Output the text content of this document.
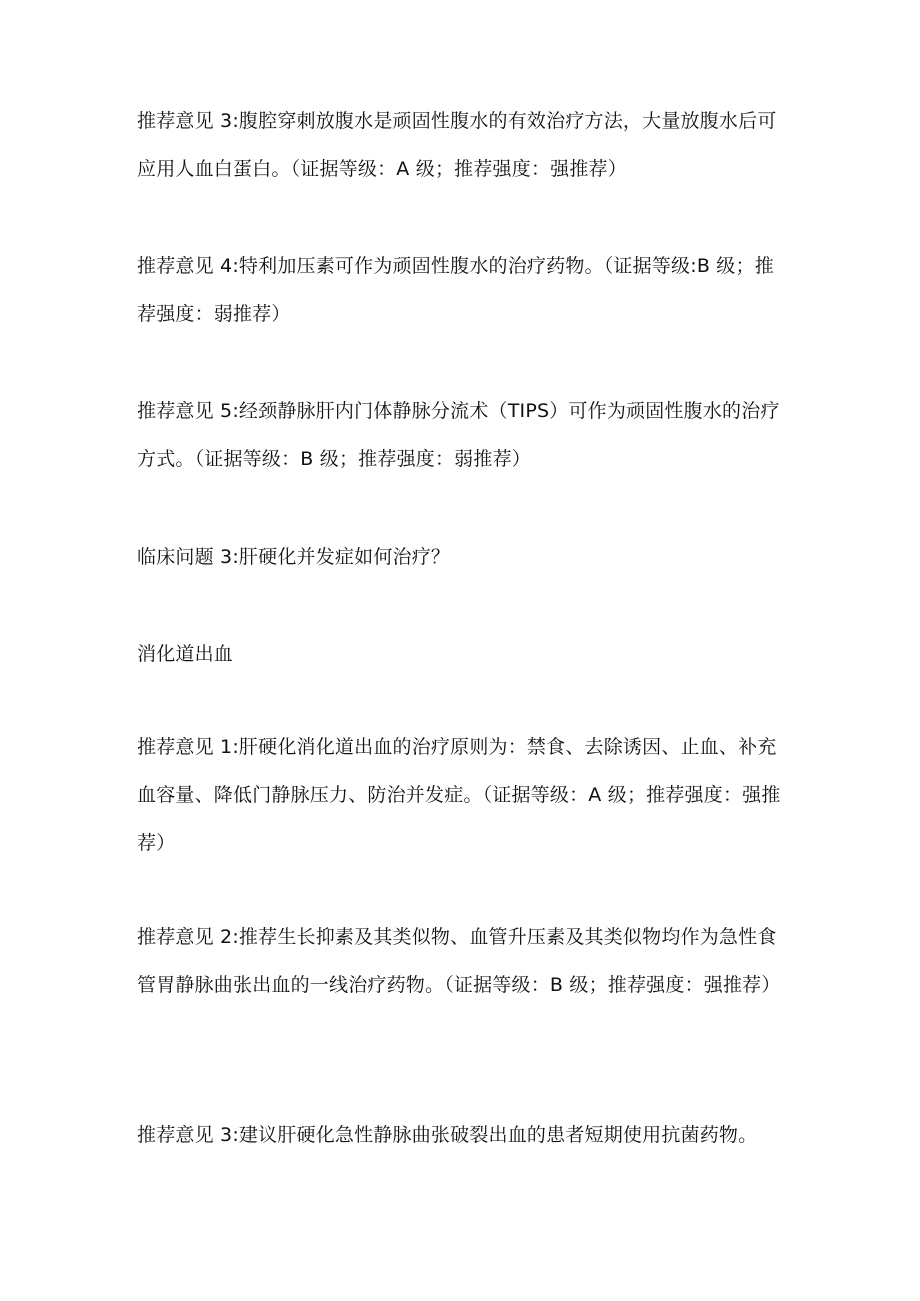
推荐意见 3:腹腔穿刺放腹水是顽固性腹水的有效治疗方法，大量放腹水后可应用人血白蛋白。（证据等级：A 级；推荐强度：强推荐）

推荐意见 4:特利加压素可作为顽固性腹水的治疗药物。（证据等级:B 级；推荐强度：弱推荐）

推荐意见 5:经颈静脉肝内门体静脉分流术（TIPS）可作为顽固性腹水的治疗方式。（证据等级：B 级；推荐强度：弱推荐）

临床问题 3:肝硬化并发症如何治疗？

消化道出血

推荐意见 1:肝硬化消化道出血的治疗原则为：禁食、去除诱因、止血、补充血容量、降低门静脉压力、防治并发症。（证据等级：A 级；推荐强度：强推荐）

推荐意见 2:推荐生长抑素及其类似物、血管升压素及其类似物均作为急性食管胃静脉曲张出血的一线治疗药物。（证据等级：B 级；推荐强度：强推荐）

推荐意见 3:建议肝硬化急性静脉曲张破裂出血的患者短期使用抗菌药物。
